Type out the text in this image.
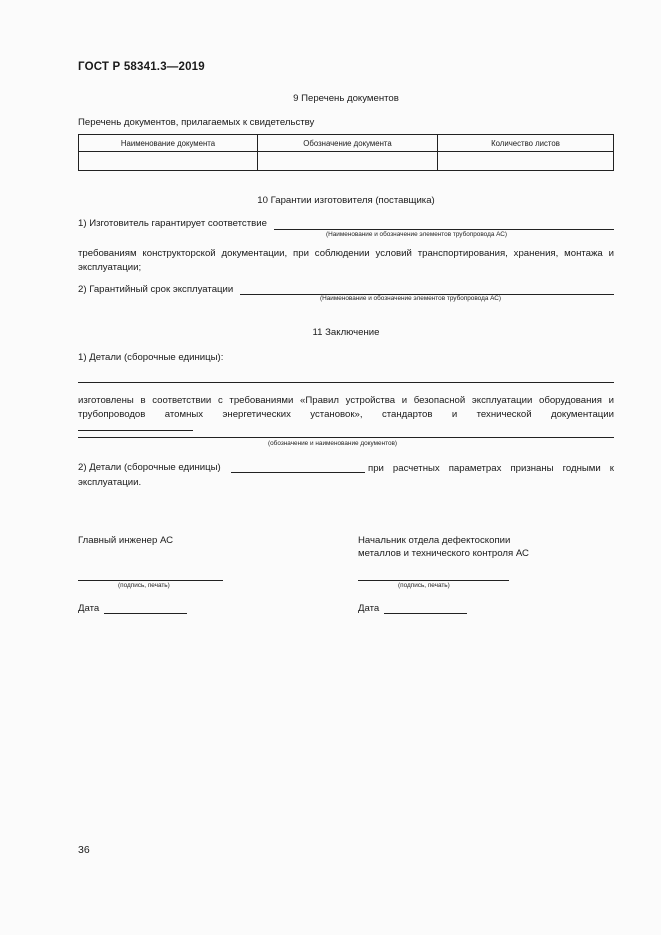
ГОСТ Р 58341.3—2019
9 Перечень документов
Перечень документов, прилагаемых к свидетельству
Наименование документа	Обозначение документа	Количество листов

10 Гарантии изготовителя (поставщика)
1) Изготовитель гарантирует соответствие
(Наименование и обозначение элементов трубопровода АС)
требованиям конструкторской документации, при соблюдении условий транспортирования, хранения, монтажа и эксплуатации;
2) Гарантийный срок эксплуатации
(Наименование и обозначение элементов трубопровода АС)
11 Заключение
1) Детали (сборочные единицы):
изготовлены в соответствии с требованиями «Правил устройства и безопасной эксплуатации оборудования и трубопроводов атомных энергетических установок», стандартов и технической документации
(обозначение и наименование документов)
2) Детали (сборочные единицы)	при расчетных параметрах признаны годными к эксплуатации.
Главный инженер АС	Начальник отдела дефектоскопии
металлов и технического контроля АС
(подпись, печать)	(подпись, печать)
Дата	Дата
36
